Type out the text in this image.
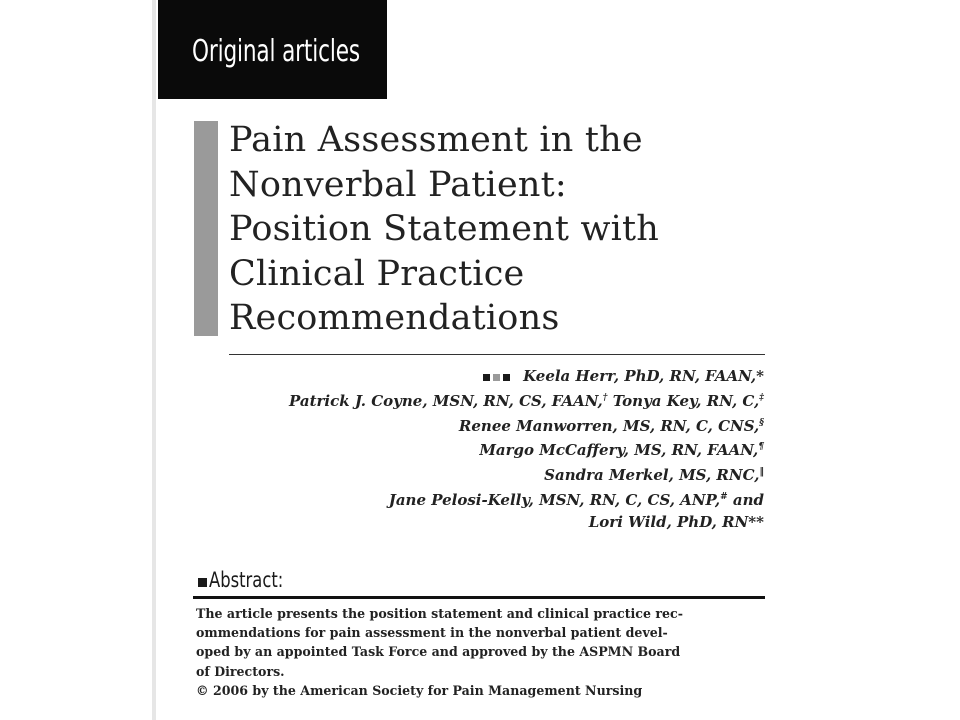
Original articles
Pain Assessment in the
Nonverbal Patient:
Position Statement with
Clinical Practice
Recommendations
Keela Herr, PhD, RN, FAAN,*
Patrick J. Coyne, MSN, RN, CS, FAAN,† Tonya Key, RN, C,‡
Renee Manworren, MS, RN, C, CNS,§
Margo McCaffery, MS, RN, FAAN,¶
Sandra Merkel, MS, RNC,‖
Jane Pelosi-Kelly, MSN, RN, C, CS, ANP,# and
Lori Wild, PhD, RN**
Abstract:

The article presents the position statement and clinical practice rec-
ommendations for pain assessment in the nonverbal patient devel-
oped by an appointed Task Force and approved by the ASPMN Board
of Directors.
© 2006 by the American Society for Pain Management Nursing
